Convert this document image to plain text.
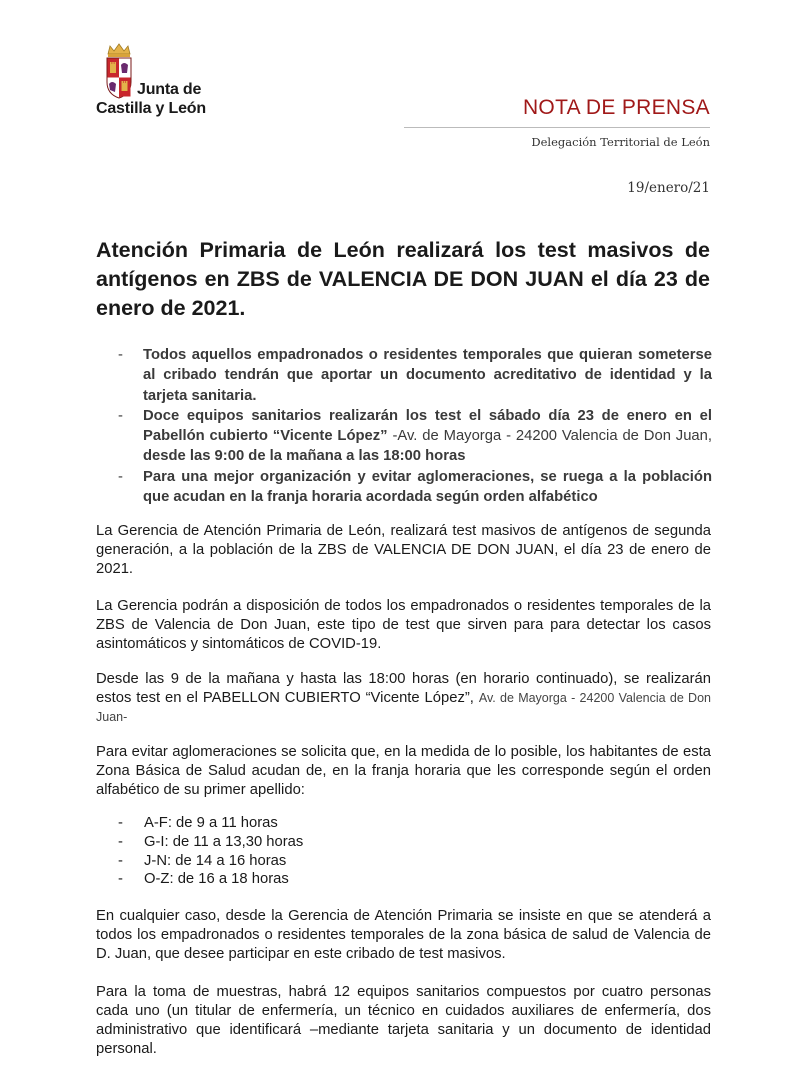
Junta de
Castilla y León	NOTA DE PRENSA
Delegación Territorial de León
19/enero/21
Atención Primaria de León realizará los test masivos de antígenos en ZBS de VALENCIA DE DON JUAN el día 23 de enero de 2021.
- Todos aquellos empadronados o residentes temporales que quieran someterse al cribado tendrán que aportar un documento acreditativo de identidad y la tarjeta sanitaria.
- Doce equipos sanitarios realizarán los test el sábado día 23 de enero en el Pabellón cubierto “Vicente López” -Av. de Mayorga - 24200 Valencia de Don Juan, desde las 9:00 de la mañana a las 18:00 horas
- Para una mejor organización y evitar aglomeraciones, se ruega a la población que acudan en la franja horaria acordada según orden alfabético
La Gerencia de Atención Primaria de León, realizará test masivos de antígenos de segunda generación, a la población de la ZBS de VALENCIA DE DON JUAN, el día 23 de enero de 2021.
La Gerencia podrán a disposición de todos los empadronados o residentes temporales de la ZBS de Valencia de Don Juan, este tipo de test que sirven para para detectar los casos asintomáticos y sintomáticos de COVID-19.
Desde las 9 de la mañana y hasta las 18:00 horas (en horario continuado), se realizarán estos test en el PABELLON CUBIERTO “Vicente López”, Av. de Mayorga - 24200 Valencia de Don Juan-
Para evitar aglomeraciones se solicita que, en la medida de lo posible, los habitantes de esta Zona Básica de Salud acudan de, en la franja horaria que les corresponde según el orden alfabético de su primer apellido:
- A-F: de 9 a 11 horas
- G-I: de 11 a 13,30 horas
- J-N: de 14 a 16 horas
- O-Z: de 16 a 18 horas
En cualquier caso, desde la Gerencia de Atención Primaria se insiste en que se atenderá a todos los empadronados o residentes temporales de la zona básica de salud de Valencia de D. Juan, que desee participar en este cribado de test masivos.
Para la toma de muestras, habrá 12 equipos sanitarios compuestos por cuatro personas cada uno (un titular de enfermería, un técnico en cuidados auxiliares de enfermería, dos administrativo que identificará –mediante tarjeta sanitaria y un documento de identidad personal.
